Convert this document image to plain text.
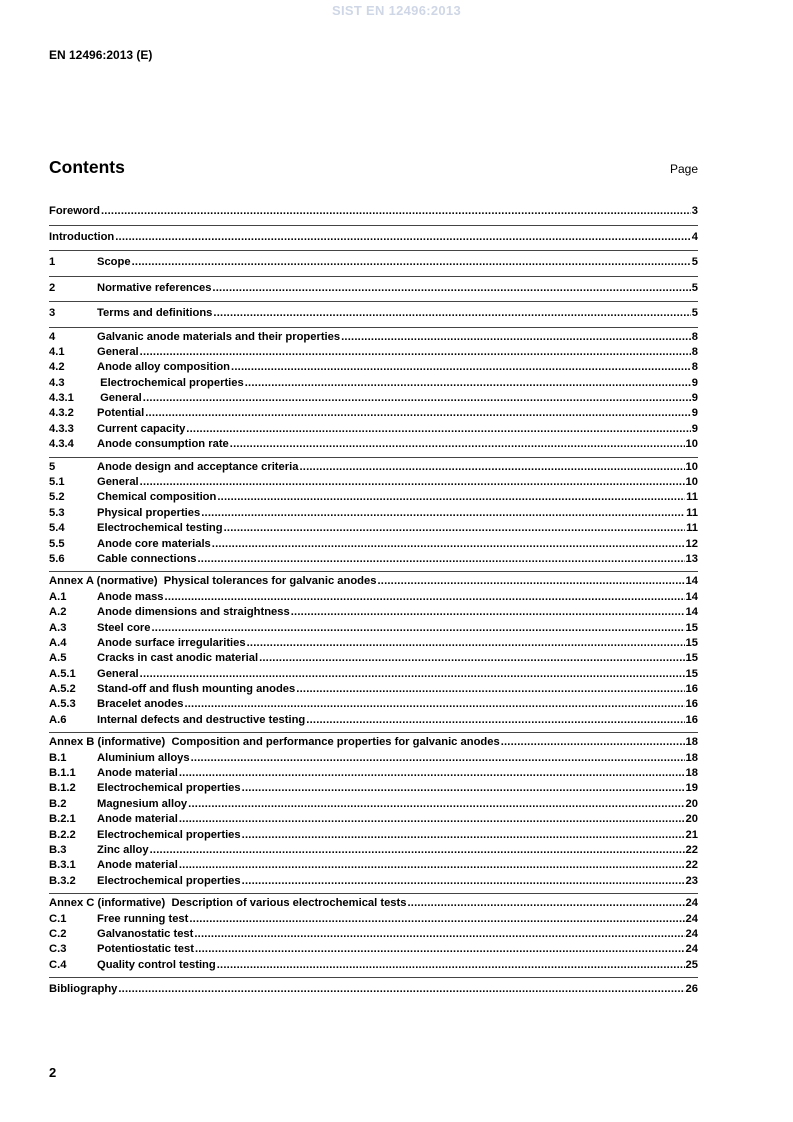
SIST EN 12496:2013
EN 12496:2013 (E)
Contents	Page
Foreword .....	3
Introduction .....	4
1	Scope .....	5
2	Normative references .....	5
3	Terms and definitions .....	5
4	Galvanic anode materials and their properties .....	8
4.1	General .....	8
4.2	Anode alloy composition .....	8
4.3	Electrochemical properties .....	9
4.3.1	General .....	9
4.3.2	Potential .....	9
4.3.3	Current capacity .....	9
4.3.4	Anode consumption rate .....	10
5	Anode design and acceptance criteria .....	10
5.1	General .....	10
5.2	Chemical composition .....	11
5.3	Physical properties .....	11
5.4	Electrochemical testing .....	11
5.5	Anode core materials .....	12
5.6	Cable connections .....	13
Annex A (normative)  Physical tolerances for galvanic anodes .....	14
A.1	Anode mass .....	14
A.2	Anode dimensions and straightness .....	14
A.3	Steel core .....	15
A.4	Anode surface irregularities .....	15
A.5	Cracks in cast anodic material .....	15
A.5.1	General .....	15
A.5.2	Stand-off and flush mounting anodes .....	16
A.5.3	Bracelet anodes .....	16
A.6	Internal defects and destructive testing .....	16
Annex B (informative)  Composition and performance properties for galvanic anodes .....	18
B.1	Aluminium alloys .....	18
B.1.1	Anode material .....	18
B.1.2	Electrochemical properties .....	19
B.2	Magnesium alloy .....	20
B.2.1	Anode material .....	20
B.2.2	Electrochemical properties .....	21
B.3	Zinc alloy .....	22
B.3.1	Anode material .....	22
B.3.2	Electrochemical properties .....	23
Annex C (informative)  Description of various electrochemical tests .....	24
C.1	Free running test .....	24
C.2	Galvanostatic test .....	24
C.3	Potentiostatic test .....	24
C.4	Quality control testing .....	25
Bibliography .....	26
2
